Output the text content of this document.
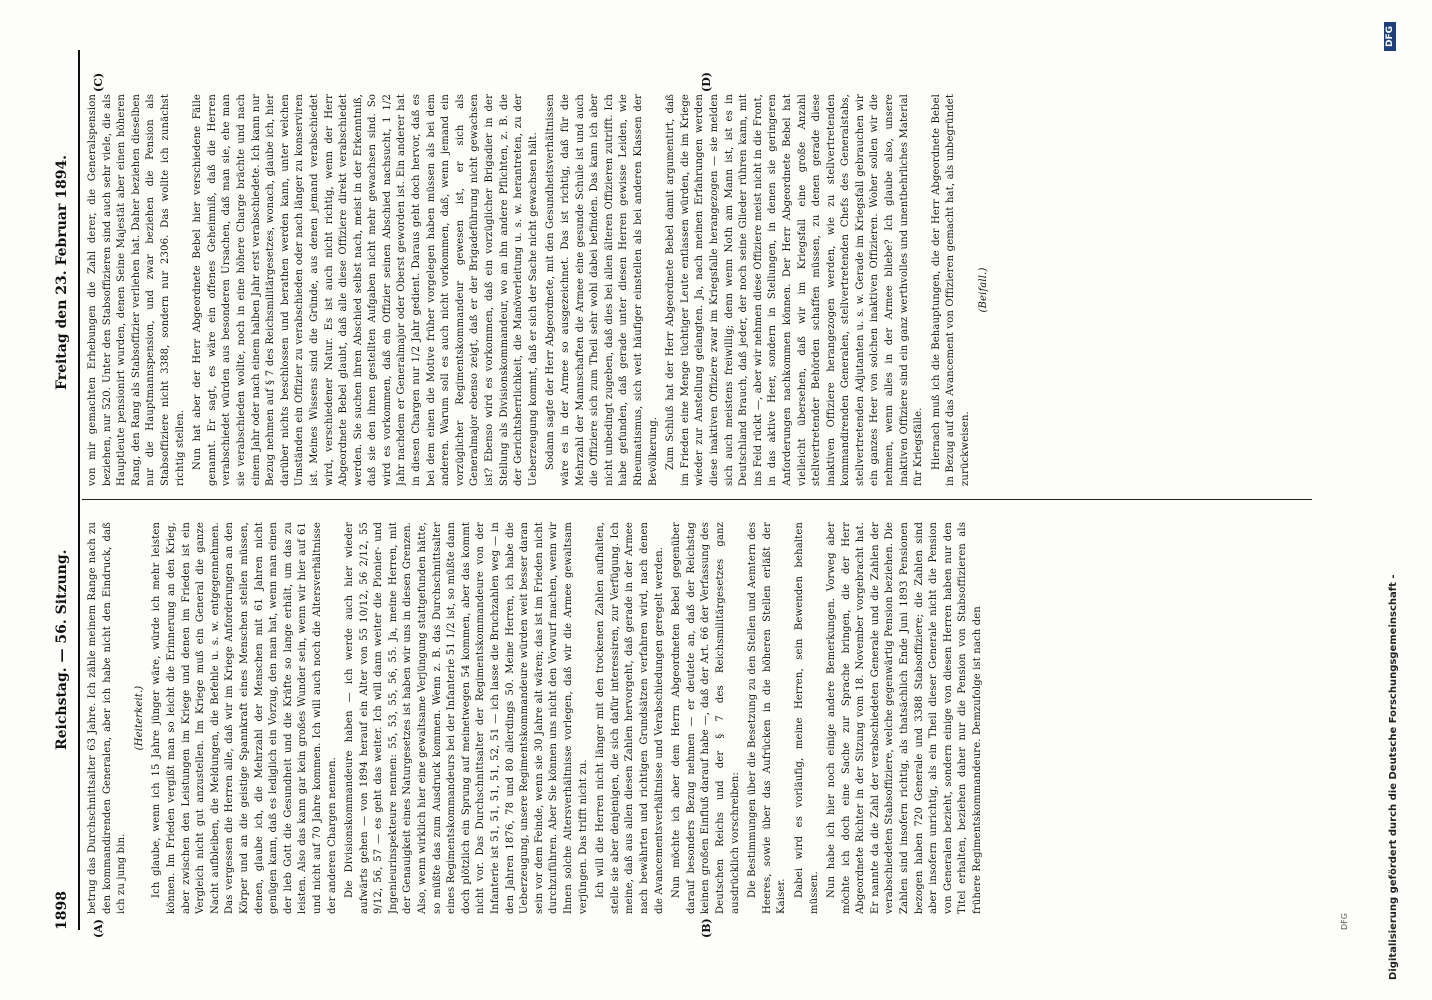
1898
Reichstag. — 56. Sitzung.
Freitag den 23. Februar 1894.
(A)	(B)
(C)	(D)

betrug das Durchschnittsalter 63 Jahre. Ich zähle meinem Range nach zu den kommandirenden Generalen, aber ich habe nicht den Eindruck, daß ich zu jung bin.

(Heiterkeit.) Ich glaube, wenn ich 15 Jahre jünger wäre, würde ich mehr leisten können. Im Frieden vergißt man so leicht die Erinnerung an den Krieg, aber zwischen den Leistungen im Kriege und denen im Frieden ist ein Vergleich nicht gut anzustellen. Im Kriege muß ein General die ganze Nacht aufbleiben, die Meldungen, die Befehle u. s. w. entgegennehmen. Das vergessen die Herren alle, daß wir im Kriege Anforderungen an den Körper und an die geistige Spannkraft eines Menschen stellen müssen, denen, glaube ich, die Mehrzahl der Menschen mit 61 Jahren nicht genügen kann, daß es lediglich ein Vorzug, den man hat, wenn man einen der lieb Gott die Gesundheit und die Kräfte so lange erhält, um das zu leisten. Also das kann gar kein großes Wunder sein, wenn wir hier auf 61 und nicht auf 70 Jahre kommen. Ich will auch noch die Altersverhältnisse der anderen Chargen nennen. Die Divisionskommandeure haben — ich werde auch hier wieder aufwärts gehen — von 1894 herauf ein Alter von 55 10/12, 56 2/12, 55 9/12, 56, 57 — es geht das weiter. Ich will dann weiter die Pionier- und Jngenieurinspekteure nennen: 55, 53, 55, 56, 55. Ja, meine Herren, mit der Genauigkeit eines Naturgesetzes ist haben wir uns in diesen Grenzen. Also, wenn wirklich hier eine gewaltsame Verjüngung stattgefunden hätte, so müßte das zum Ausdruck kommen. Wenn z. B. das Durchschnittsalter eines Regimentskommandeurs bei der Infanterie 51 1/2 ist, so müßte dann doch plötzlich ein Sprung auf meinetwegen 54 kommen, aber das kommt nicht vor. Das Durchschnittsalter der Regimentskommandeure von der Infanterie ist 51, 51, 51, 51, 52, 51 — ich lasse die Bruchzahlen weg — in den Jahren 1876, 78 und 80 allerdings 50. Meine Herren, ich habe die Ueberzeugung, unsere Regimentskommandeure würden weit besser daran sein vor dem Feinde, wenn sie 30 Jahre alt wären; das ist im Frieden nicht durchzuführen. Aber Sie können uns nicht den Vorwurf machen, wenn wir Ihnen solche Altersverhältnisse vorlegen, daß wir die Armee gewaltsam verjüngen. Das trifft nicht zu. Ich will die Herren nicht länger mit den trockenen Zahlen aufhalten, stelle sie aber denjenigen, die sich dafür interessiren, zur Verfügung. Ich meine, daß aus allen diesen Zahlen hervorgeht, daß gerade in der Armee nach bewährten und richtigen Grundsätzen verfahren wird, nach denen die Avancementsverhältnisse und Verabschiedungen geregelt werden. Nun möchte ich aber dem Herrn Abgeordneten Bebel gegenüber darauf besonders Bezug nehmen — er deutete an, daß der Reichstag keinen großen Einfluß darauf habe —, daß der Art. 66 der Verfassung des Deutschen Reichs und der § 7 des Reichsmilitärgesetzes ganz ausdrücklich vorschreiben: Die Bestimmungen über die Besetzung zu den Stellen und Aemtern des Heeres, sowie über das Aufrücken in die höheren Stellen erläßt der Kaiser. Dabei wird es vorläufig, meine Herren, sein Bewenden behalten müssen. Nun habe ich hier noch einige andere Bemerkungen. Vorweg aber möchte ich doch eine Sache zur Sprache bringen, die der Herr Abgeordnete Richter in der Sitzung vom 18. November vorgebracht hat. Er nannte da die Zahl der verabschiedeten Generale und die Zahlen der verabschiedeten Stabsoffiziere, welche gegenwärtig Pension beziehen. Die Zahlen sind insofern richtig, als thatsächlich Ende Juni 1893 Pensionen bezogen haben 720 Generale und 3388 Stabsoffiziere; die Zahlen sind aber insofern unrichtig, als ein Theil dieser Generale nicht die Pension von Generalen bezieht, sondern einige von diesen Herren haben nur den Titel erhalten, beziehen daher nur die Pension von Stabsoffizieren als frühere Regimentskommandeure. Demzufolge ist nach den

von mir gemachten Erhebungen die Zahl derer, die Generalspension beziehen, nur 520. Unter den Stabsoffizieren sind auch sehr viele, die als Hauptleute pensionirt wurden, denen Seine Majestät aber einen höheren Rang, den Rang als Stabsoffizier verliehen hat. Daher beziehen dieselben nur die Hauptmannspension, und zwar beziehen die Pension als Stabsoffiziere nicht 3388, sondern nur 2306. Das wollte ich zunächst richtig stellen. Nun hat aber der Herr Abgeordnete Bebel hier verschiedene Fälle genannt. Er sagt, es wäre ein offenes Geheimniß, daß die Herren verabschiedet würden aus besonderen Ursachen, daß man sie, ehe man sie verabschieden wollte, noch in eine höhere Charge brächte und nach einem Jahr oder nach einem halben Jahr erst verabschiedete. Ich kann nur Bezug nehmen auf § 7 des Reichsmilitärgesetzes, wonach, glaube ich, hier darüber nichts beschlossen und berathen werden kann, unter welchen Umständen ein Offizier zu verabschieden oder nach länger zu konserviren ist. Meines Wissens sind die Gründe, aus denen jemand verabschiedet wird, verschiedener Natur. Es ist auch nicht richtig, wenn der Herr Abgeordnete Bebel glaubt, daß alle diese Offiziere direkt verabschiedet werden. Sie suchen ihren Abschied selbst nach, meist in der Erkenntniß, daß sie den ihnen gestellten Aufgaben nicht mehr gewachsen sind. So wird es vorkommen, daß ein Offizier seinen Abschied nachsucht, 1 1/2 Jahr nachdem er Generalmajor oder Oberst geworden ist. Ein anderer hat in diesen Chargen nur 1/2 Jahr gedient. Daraus geht doch hervor, daß es bei dem einen die Motive früher vorgelegen haben müssen als bei dem anderen. Warum soll es auch nicht vorkommen, daß, wenn jemand ein vorzüglicher Regimentskommandeur gewesen ist, er sich als Generalmajor ebenso zeigt, daß er der Brigadeführung nicht gewachsen ist? Ebenso wird es vorkommen, daß ein vorzüglicher Brigadier in der Stellung als Divisionskommandeur, wo an ihn andere Pflichten, z. B. die der Gerichtsherrlichkeit, die Manöverleitung u. s. w. herantreten, zu der Ueberzeugung kommt, daß er sich der Sache nicht gewachsen hält. Sodann sagte der Herr Abgeordnete, mit den Gesundheitsverhältnissen wäre es in der Armee so ausgezeichnet. Das ist richtig, daß für die Mehrzahl der Mannschaften die Armee eine gesunde Schule ist und auch die Offiziere sich zum Theil sehr wohl dabei befinden. Das kann ich aber nicht unbedingt zugeben, daß dies bei allen älteren Offizieren zutrifft. Ich habe gefunden, daß gerade unter diesen Herren gewisse Leiden, wie Rheumatismus, sich weit häufiger einstellen als bei anderen Klassen der Bevölkerung. Zum Schluß hat der Herr Abgeordnete Bebel damit argumentirt, daß im Frieden eine Menge tüchtiger Leute entlassen würden, die im Kriege wieder zur Anstellung gelangten. Ja, nach meinen Erfahrungen werden diese inaktiven Offiziere zwar im Kriegsfalle herangezogen — sie melden sich auch meistens freiwillig; denn wenn Noth am Mann ist, ist es in Deutschland Brauch, daß jeder, der noch seine Glieder rühren kann, mit ins Feld rückt —, aber wir nehmen diese Offiziere meist nicht in die Front, in das aktive Heer, sondern in Stellungen, in denen sie geringeren Anforderungen nachkommen können. Der Herr Abgeordnete Bebel hat vielleicht übersehen, daß wir im Kriegsfall eine große Anzahl stellvertretender Behörden schaffen müssen, zu denen gerade diese inaktiven Offiziere herangezogen werden, wie zu stellvertretenden kommandirenden Generalen, stellvertretenden Chefs des Generalstabs, stellvertretenden Adjutanten u. s. w. Gerade im Kriegsfall gebrauchen wir ein ganzes Heer von solchen inaktiven Offizieren. Woher sollen wir die nehmen, wenn alles in der Armee bliebe? Ich glaube also, unsere inaktiven Offiziere sind ein ganz werthvolles und unentbehrliches Material für Kriegsfälle. Hiernach muß ich die Behauptungen, die der Herr Abgeordnete Bebel in Bezug auf das Avancement von Offizieren gemacht hat, als unbegründet zurückweisen.

(Beifall.)

DFG	Digitalisierung gefördert durch die Deutsche Forschungsgemeinschaft -
DFG
